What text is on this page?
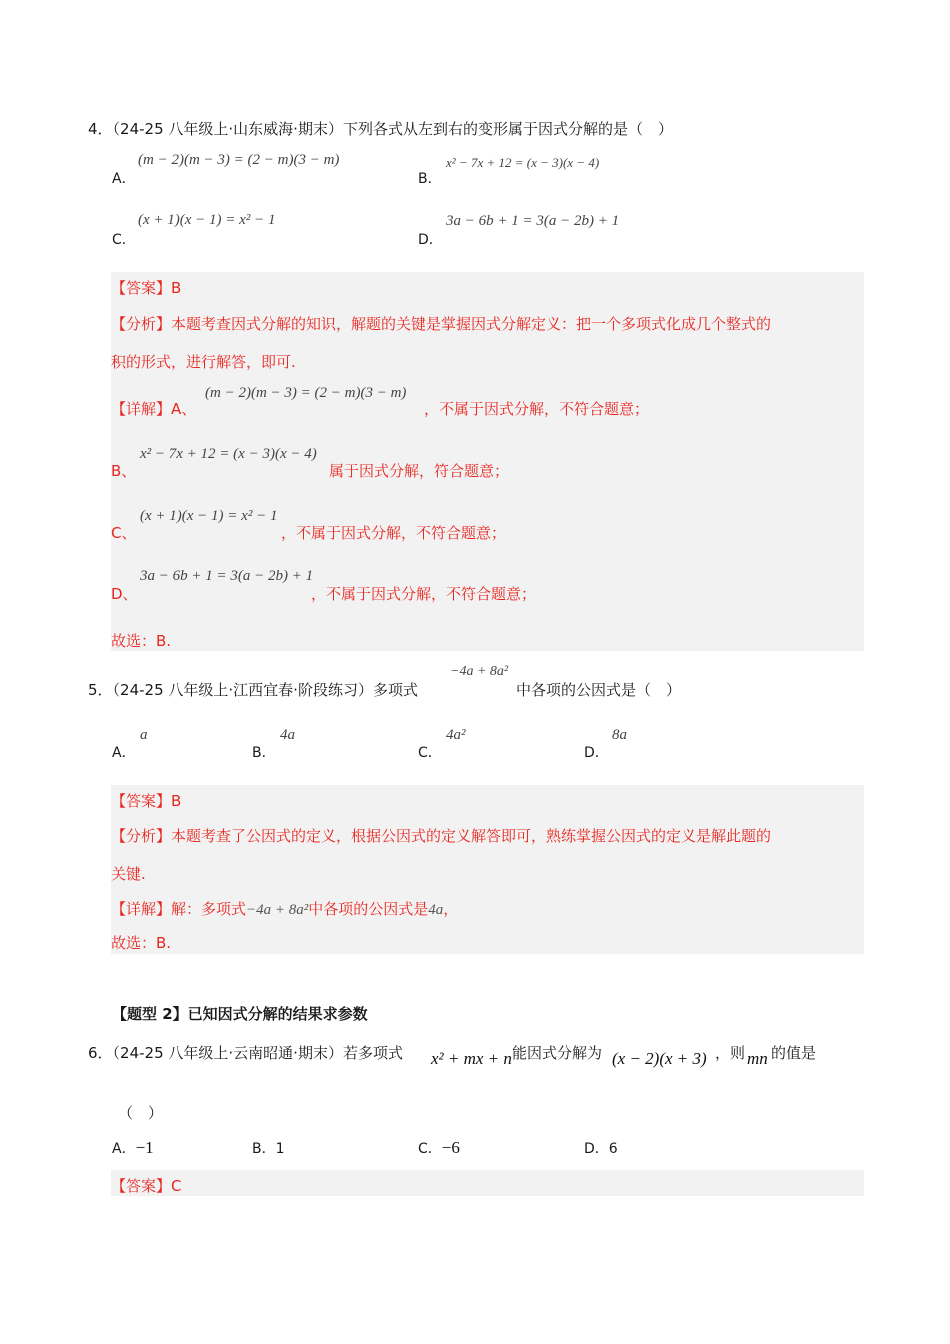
4．（24-25 八年级上·山东威海·期末）下列各式从左到右的变形属于因式分解的是（　）
A．
(m − 2)(m − 3) = (2 − m)(3 − m)
B．
x² − 7x + 12 = (x − 3)(x − 4)
C．
(x + 1)(x − 1) = x² − 1
D．
3a − 6b + 1 = 3(a − 2b) + 1
【答案】B
【分析】本题考查因式分解的知识，解题的关键是掌握因式分解定义：把一个多项式化成几个整式的
积的形式，进行解答，即可.
【详解】A、
(m − 2)(m − 3) = (2 − m)(3 − m)
，不属于因式分解，不符合题意；
B、
x² − 7x + 12 = (x − 3)(x − 4)
属于因式分解，符合题意；
C、
(x + 1)(x − 1) = x² − 1
，不属于因式分解，不符合题意；
D、
3a − 6b + 1 = 3(a − 2b) + 1
，不属于因式分解，不符合题意；
故选：B.
5．（24-25 八年级上·江西宜春·阶段练习）多项式
−4a + 8a²
中各项的公因式是（　）
A．
a
B．
4a
C．
4a²
D．
8a
【答案】B
【分析】本题考查了公因式的定义，根据公因式的定义解答即可，熟练掌握公因式的定义是解此题的
关键.
【详解】解：多项式−4a + 8a²中各项的公因式是4a，
故选：B.
【题型 2】已知因式分解的结果求参数
6．（24-25 八年级上·云南昭通·期末）若多项式 x² + mx + n 能因式分解为 (x − 2)(x + 3) ，则 mn 的值是
（　）
A．−1	B．1	C．−6	D．6
【答案】C
